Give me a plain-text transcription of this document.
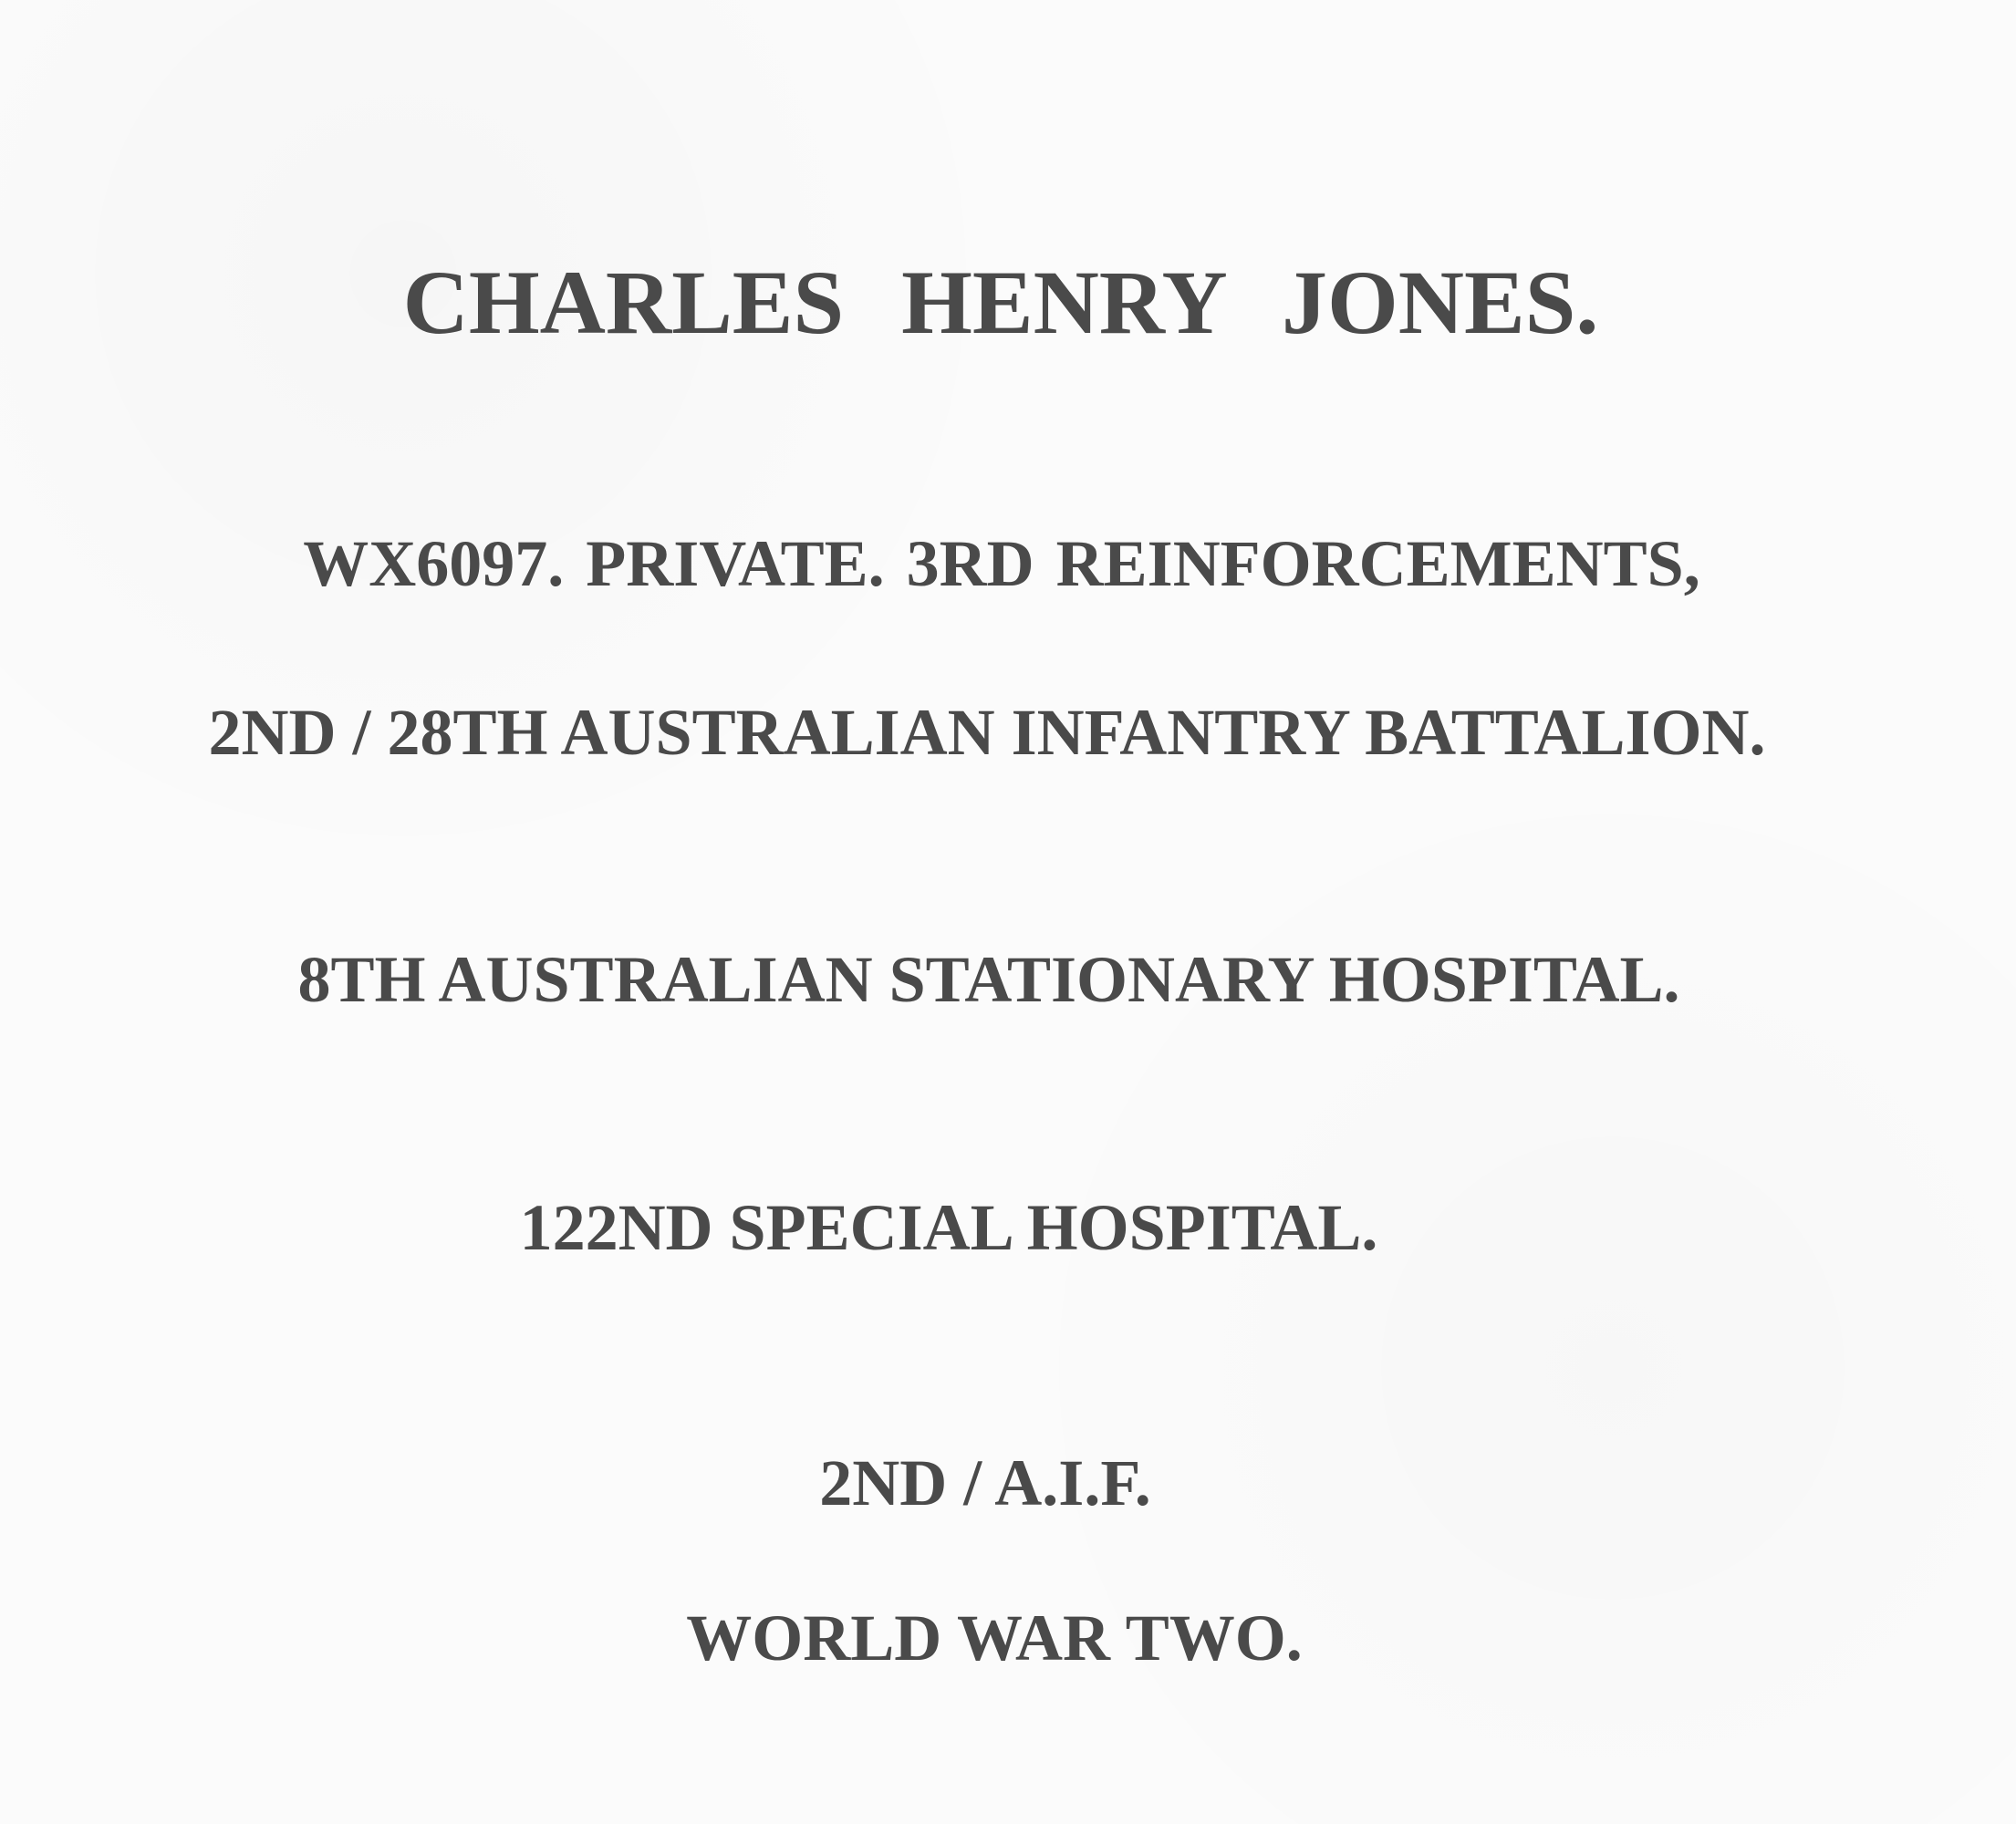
CHARLES HENRY JONES.
WX6097. PRIVATE. 3RD REINFORCEMENTS,
2ND / 28TH AUSTRALIAN INFANTRY BATTALION.
8TH AUSTRALIAN STATIONARY HOSPITAL.
122ND SPECIAL HOSPITAL.
2ND / A.I.F.
WORLD WAR TWO.
